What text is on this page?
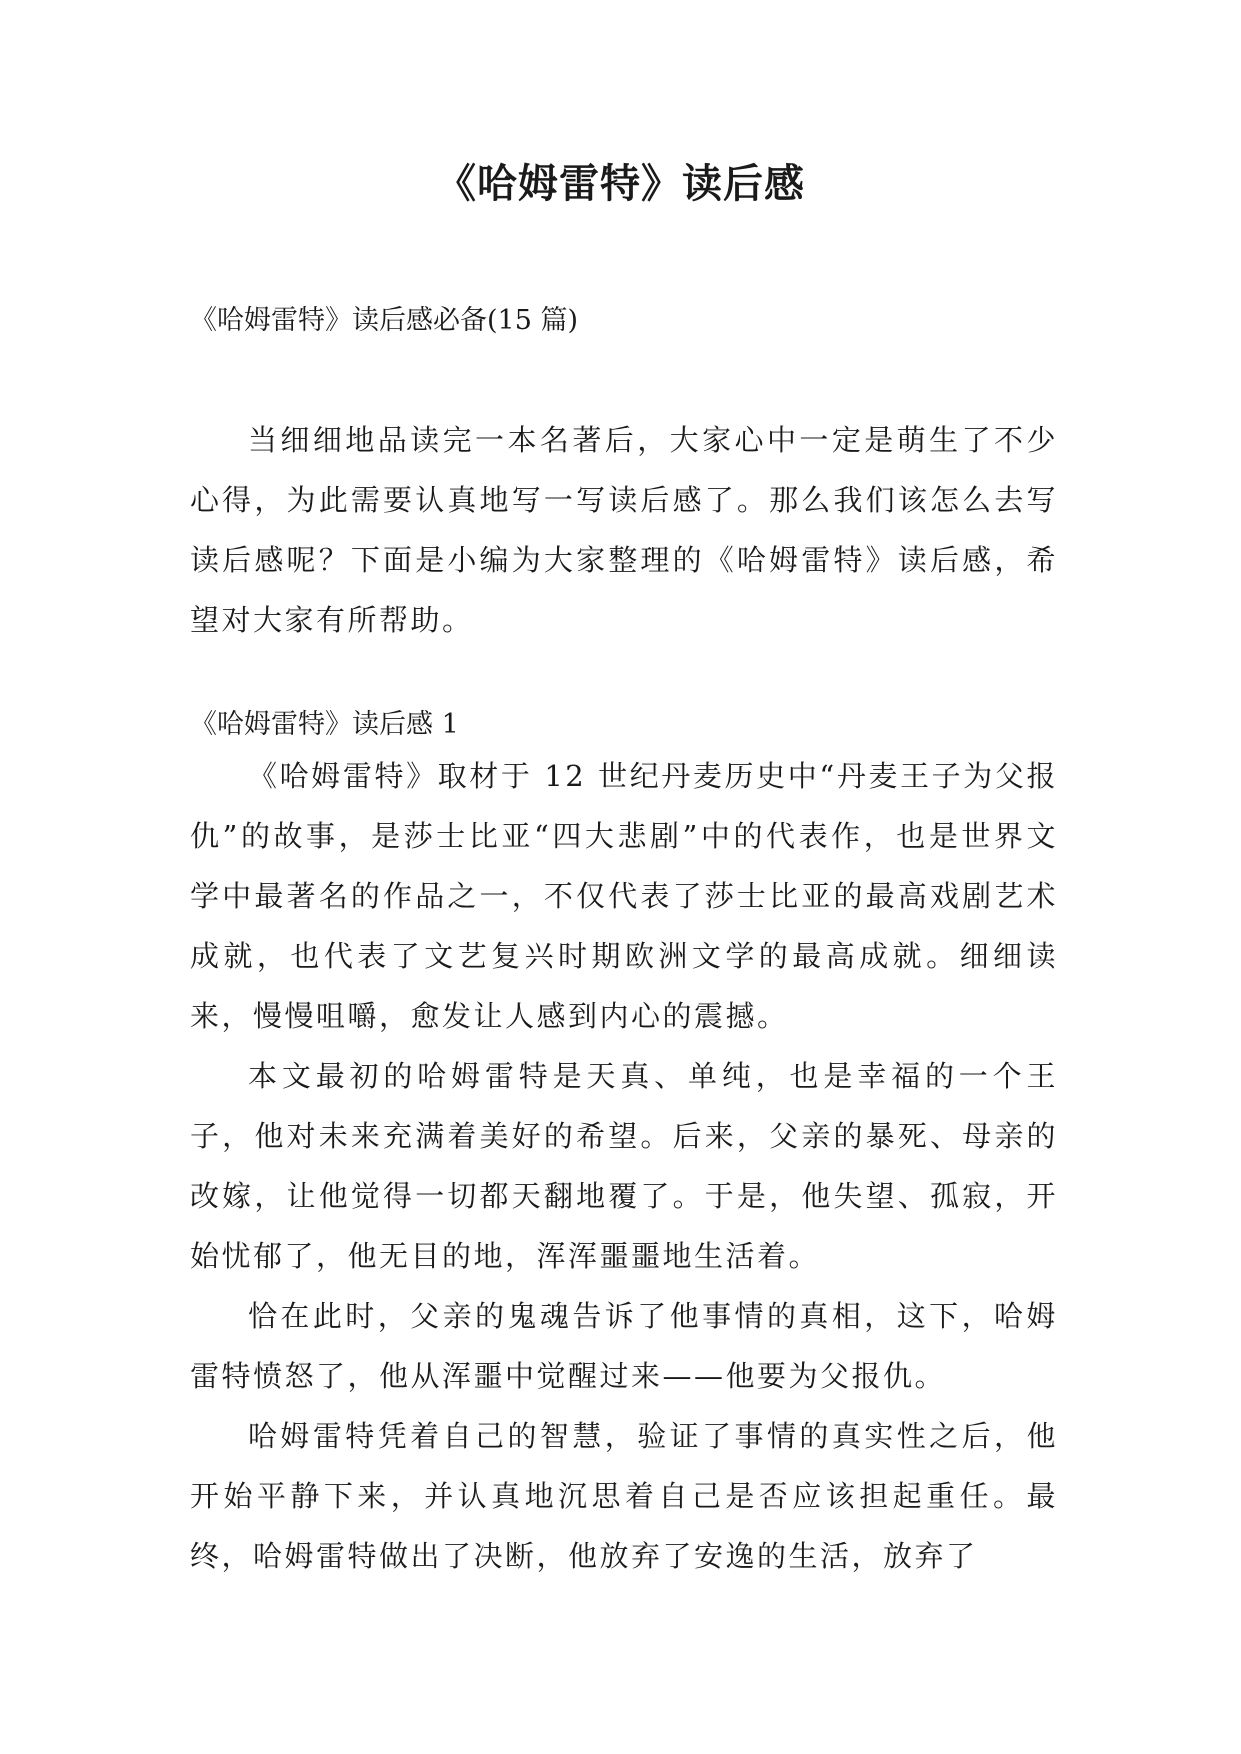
《哈姆雷特》读后感
《哈姆雷特》读后感必备(15 篇)

当细细地品读完一本名著后，大家心中一定是萌生了不少心得，为此需要认真地写一写读后感了。那么我们该怎么去写读后感呢？下面是小编为大家整理的《哈姆雷特》读后感，希望对大家有所帮助。

《哈姆雷特》读后感 1

《哈姆雷特》取材于 12 世纪丹麦历史中“丹麦王子为父报仇”的故事，是莎士比亚“四大悲剧”中的代表作，也是世界文学中最著名的作品之一，不仅代表了莎士比亚的最高戏剧艺术成就，也代表了文艺复兴时期欧洲文学的最高成就。细细读来，慢慢咀嚼，愈发让人感到内心的震撼。

本文最初的哈姆雷特是天真、单纯，也是幸福的一个王子，他对未来充满着美好的希望。后来，父亲的暴死、母亲的改嫁，让他觉得一切都天翻地覆了。于是，他失望、孤寂，开始忧郁了，他无目的地，浑浑噩噩地生活着。

恰在此时，父亲的鬼魂告诉了他事情的真相，这下，哈姆雷特愤怒了，他从浑噩中觉醒过来——他要为父报仇。

哈姆雷特凭着自己的智慧，验证了事情的真实性之后，他开始平静下来，并认真地沉思着自己是否应该担起重任。最终，哈姆雷特做出了决断，他放弃了安逸的生活，放弃了
